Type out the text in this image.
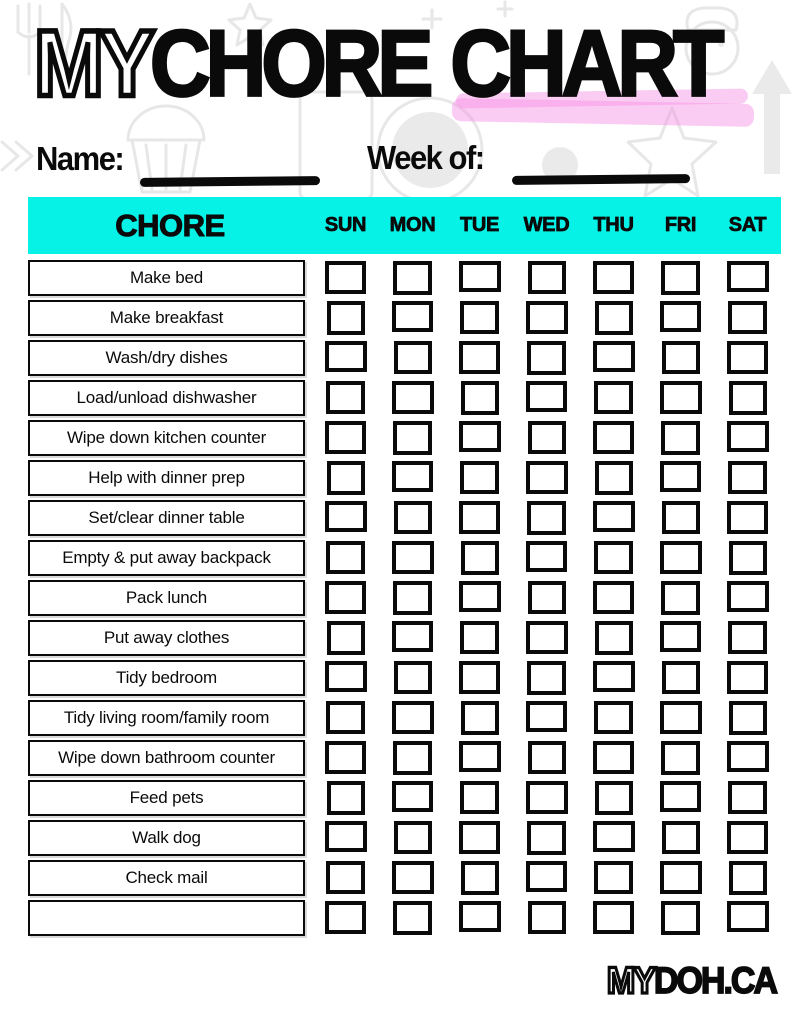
MYCHORE CHART
Name:	Week of:
CHORE	SUN	MON	TUE	WED	THU	FRI	SAT
Make bed
Make breakfast
Wash/dry dishes
Load/unload dishwasher
Wipe down kitchen counter
Help with dinner prep
Set/clear dinner table
Empty & put away backpack
Pack lunch
Put away clothes
Tidy bedroom
Tidy living room/family room
Wipe down bathroom counter
Feed pets
Walk dog
Check mail
MYDOH.CA
